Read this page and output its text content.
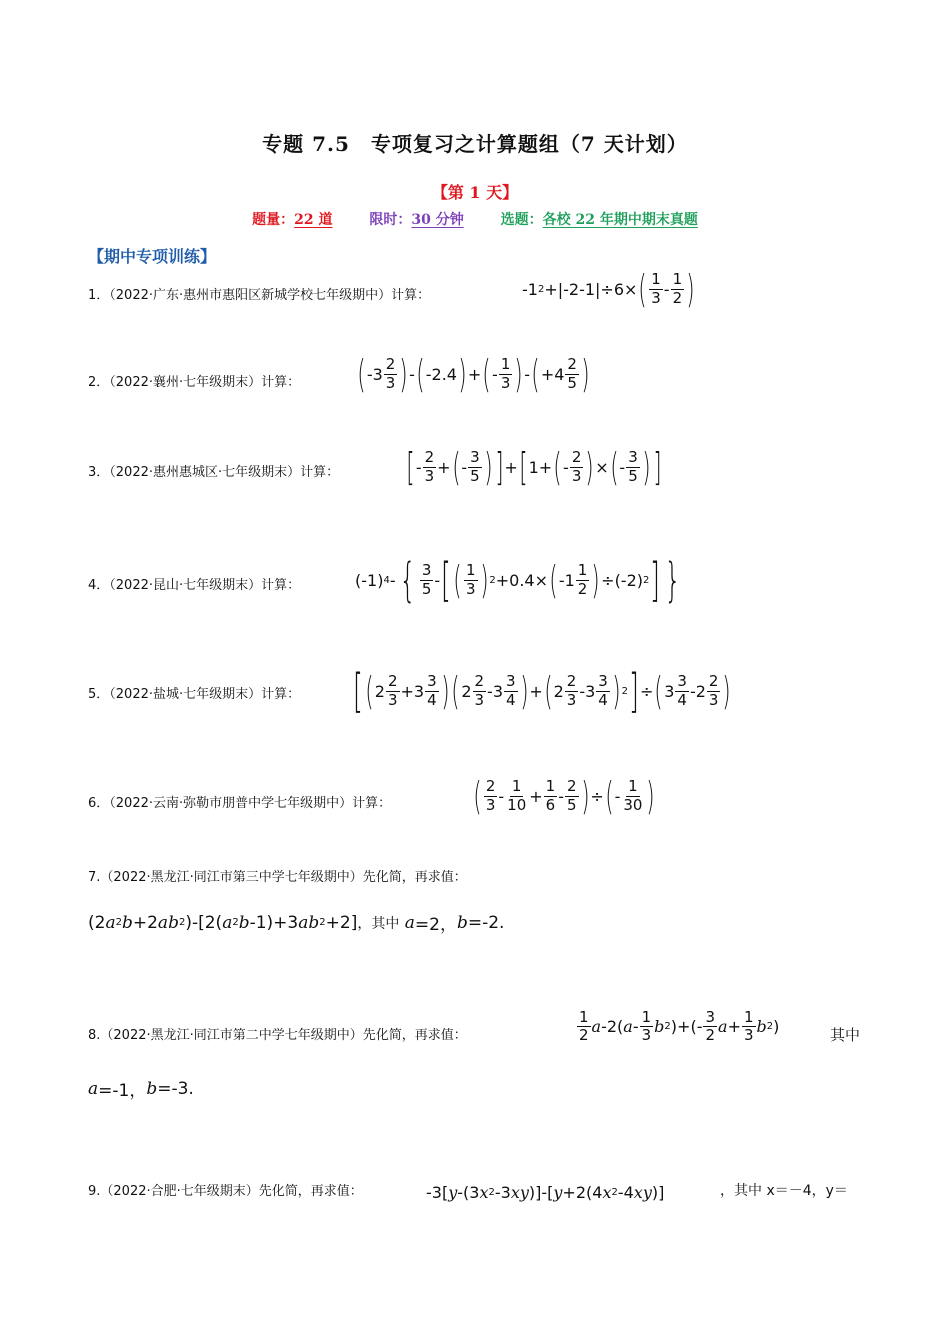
专题 7.5　专项复习之计算题组（7 天计划）
【第 1 天】
题量：22 道	限时：30 分钟	选题：各校 22 年期中期末真题
【期中专项训练】
1．（2022·广东·惠州市惠阳区新城学校七年级期中）计算：	-1 2 +|-2-1|÷6× ( $\frac{1}{3} - \frac{1}{2}$ )
2．（2022·襄州·七年级期末）计算： ( $-3 \frac{2}{3}$ ) - ( -2.4 ) + ( - $\frac{1}{3}$ ) - ( $+4 \frac{2}{5}$ )
3．（2022·惠州惠城区·七年级期末）计算： [ - $\frac{2}{3}$ + ( - $\frac{3}{5}$ ) ] + [ 1+ ( - $\frac{2}{3}$ ) × ( - $\frac{3}{5}$ ) ]
4．（2022·昆山·七年级期末）计算：	(-1) 4 - { $\frac{3}{5}$ - [ ( $\frac{1}{3}$ ) 2 +0.4× ( $-1 \frac{1}{2}$ ) ÷(-2) 2 ] }
5．（2022·盐城·七年级期末）计算： [ ( $2 \frac{2}{3} +3 \frac{3}{4}$ ) ( $2 \frac{2}{3} -3 \frac{3}{4}$ ) + ( $2 \frac{2}{3} -3 \frac{3}{4}$ ) 2 ] ÷ ( $3 \frac{3}{4} -2 \frac{2}{3}$ )
6．（2022·云南·弥勒市朋普中学七年级期中）计算： ( $\frac{2}{3} - \frac{1}{10} + \frac{1}{6} - \frac{2}{5}$ ) ÷ ( - $\frac{1}{30}$ )
7.（2022·黑龙江·同江市第三中学七年级期中）先化简，再求值：
(2 a 2 b +2 a b 2 )-[2( a 2 b -1)+3 a b 2 +2] ，其中
a =2， b =-2.
8.（2022·黑龙江·同江市第二中学七年级期中）先化简，再求值：	$\frac{1}{2}$ a -2( a - $\frac{1}{3}$ b 2 )+(- $\frac{3}{2}$ $a + \frac{1}{3}$ b 2 )	其中
a =-1， b =-3.
9.（2022·合肥·七年级期末）先化简，再求值：	-3[ y -(3 x 2 -3 xy )]-[ y +2(4 x 2 -4 xy )]	，其中 x＝－4，y＝
